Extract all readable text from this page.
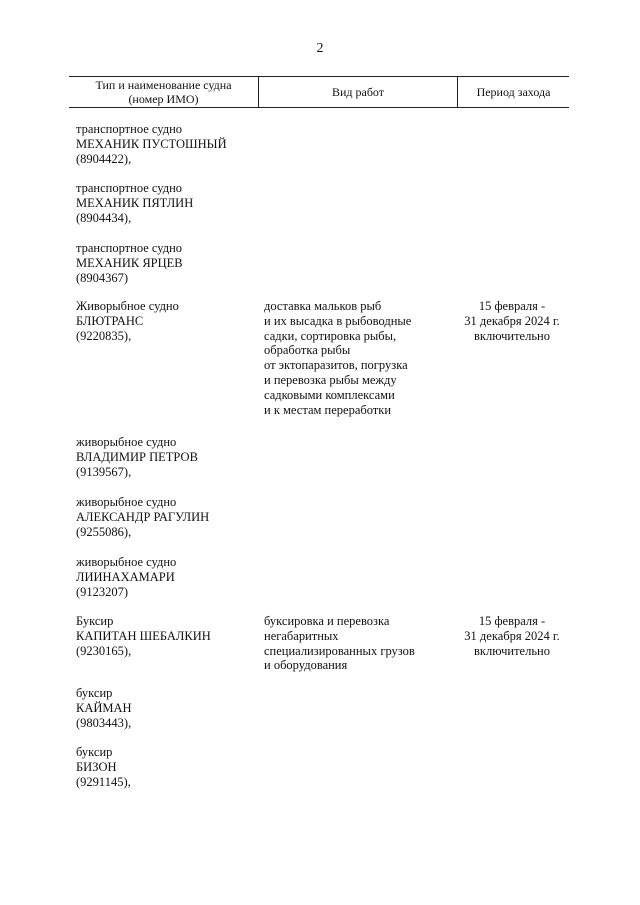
2
Тип и наименование судна
(номер ИМО)	Вид работ	Период захода
транспортное судно
МЕХАНИК ПУСТОШНЫЙ
(8904422),
транспортное судно
МЕХАНИК ПЯТЛИН
(8904434),
транспортное судно
МЕХАНИК ЯРЦЕВ
(8904367)
Живорыбное судно
БЛЮТРАНС
(9220835),
доставка мальков рыб
и их высадка в рыбоводные
садки, сортировка рыбы,
обработка рыбы
от эктопаразитов, погрузка
и перевозка рыбы между
садковыми комплексами
и к местам переработки
15 февраля -
31 декабря 2024 г.
включительно
живорыбное судно
ВЛАДИМИР ПЕТРОВ
(9139567),
живорыбное судно
АЛЕКСАНДР РАГУЛИН
(9255086),
живорыбное судно
ЛИИНАХАМАРИ
(9123207)
Буксир
КАПИТАН ШЕБАЛКИН
(9230165),
буксировка и перевозка
негабаритных
специализированных грузов
и оборудования
15 февраля -
31 декабря 2024 г.
включительно
буксир
КАЙМАН
(9803443),
буксир
БИЗОН
(9291145),
